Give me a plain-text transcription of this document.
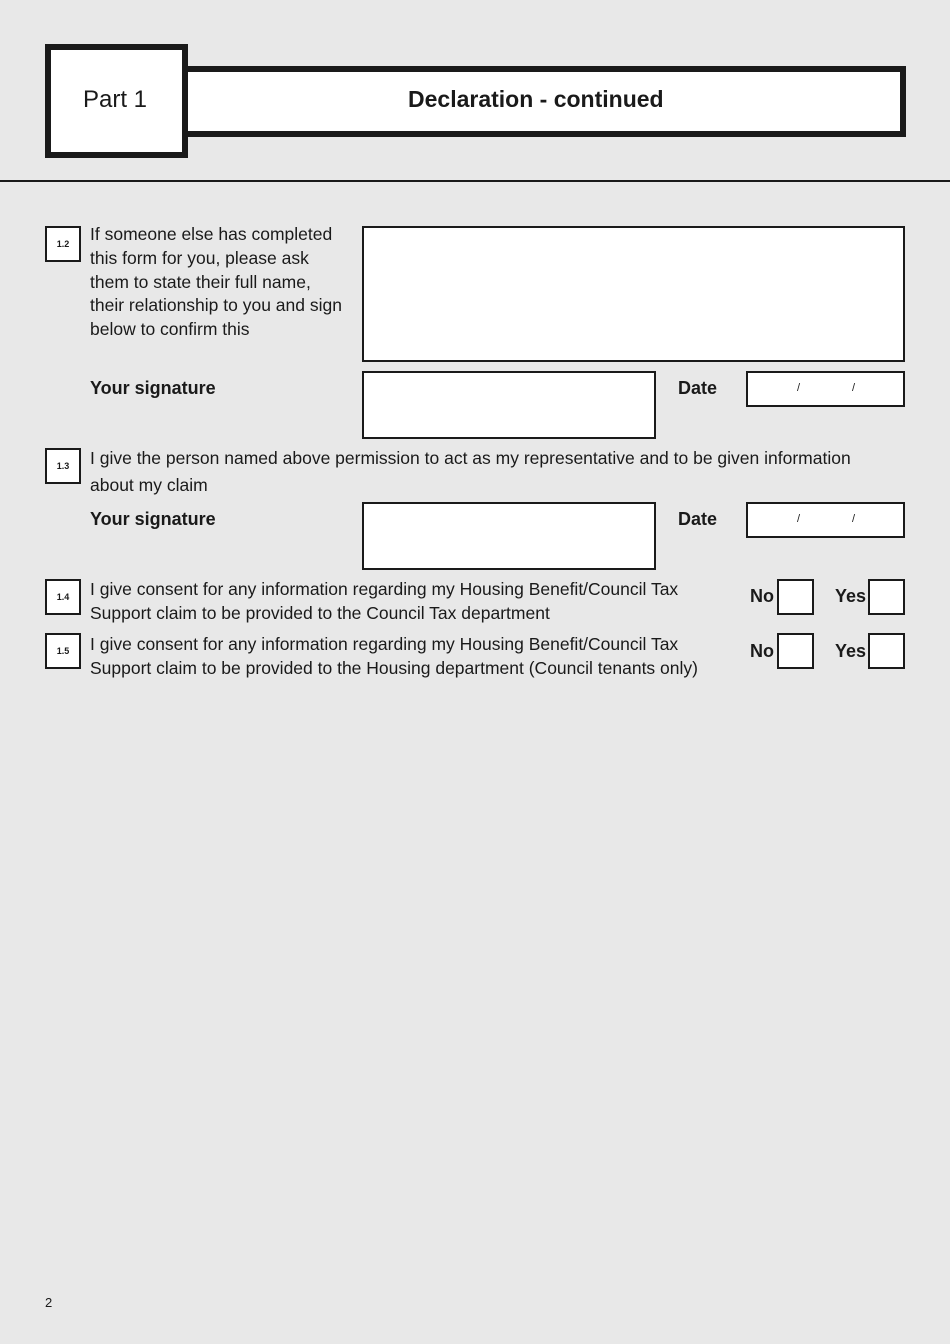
Part 1	Declaration - continued
1.2	If someone else has completed
this form for you, please ask
them to state their full name,
their relationship to you and sign
below to confirm this
Your signature	Date	/	/
1.3	I give the person named above permission to act as my representative and to be given information
about my claim
Your signature	Date	/	/
1.4	I give consent for any information regarding my Housing Benefit/Council Tax
Support claim to be provided to the Council Tax department
No	Yes
1.5	I give consent for any information regarding my Housing Benefit/Council Tax
Support claim to be provided to the Housing department (Council tenants only)
No	Yes
2
